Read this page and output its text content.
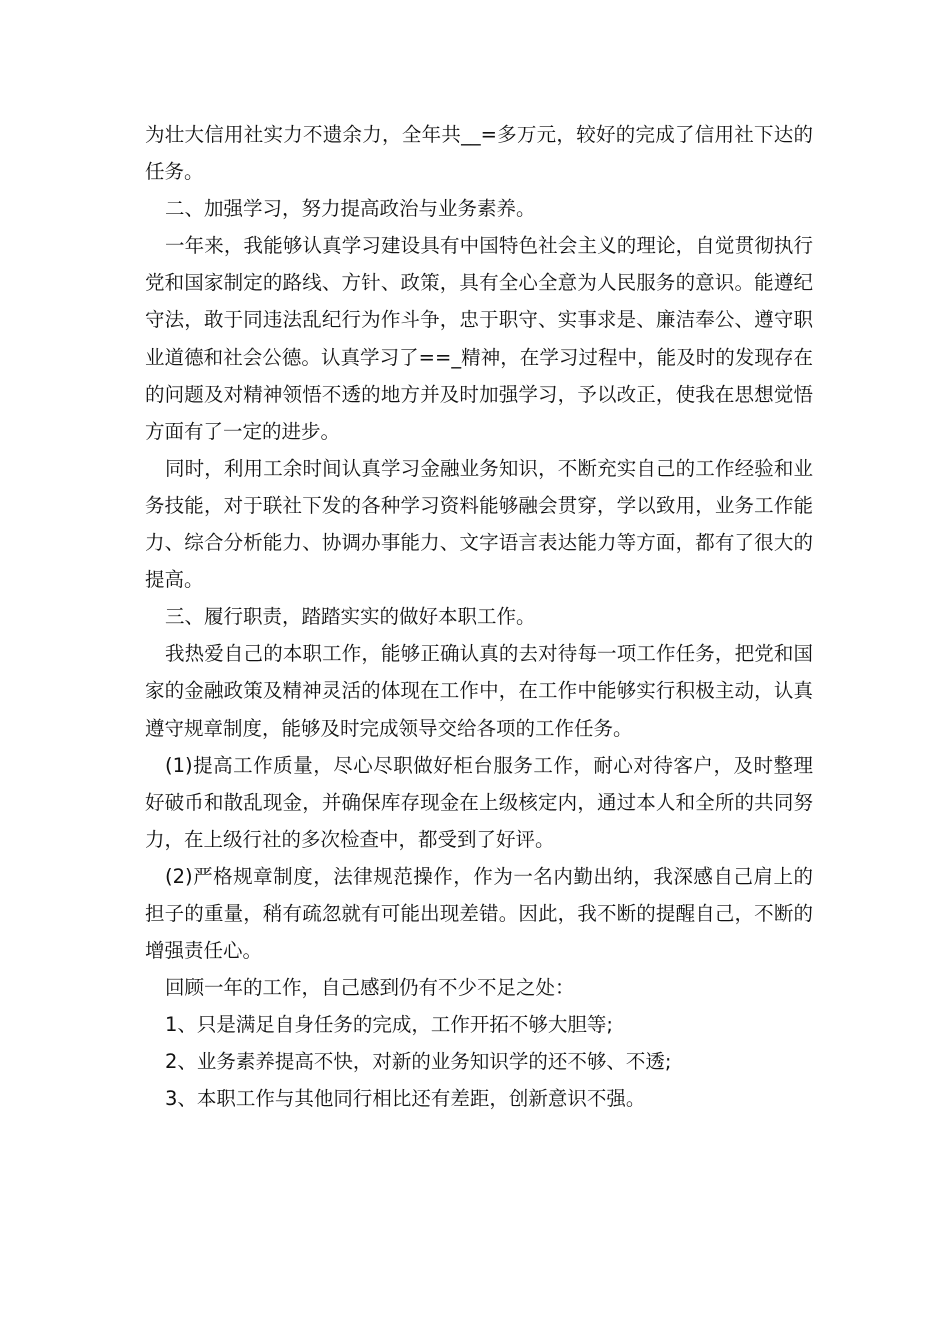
为壮大信用社实力不遗余力，全年共__=多万元，较好的完成了信用社下达的任务。

二、加强学习，努力提高政治与业务素养。

一年来，我能够认真学习建设具有中国特色社会主义的理论，自觉贯彻执行党和国家制定的路线、方针、政策，具有全心全意为人民服务的意识。能遵纪守法，敢于同违法乱纪行为作斗争，忠于职守、实事求是、廉洁奉公、遵守职业道德和社会公德。认真学习了==_精神，在学习过程中，能及时的发现存在的问题及对精神领悟不透的地方并及时加强学习，予以改正，使我在思想觉悟方面有了一定的进步。

同时，利用工余时间认真学习金融业务知识，不断充实自己的工作经验和业务技能，对于联社下发的各种学习资料能够融会贯穿，学以致用，业务工作能力、综合分析能力、协调办事能力、文字语言表达能力等方面，都有了很大的提高。

三、履行职责，踏踏实实的做好本职工作。

我热爱自己的本职工作，能够正确认真的去对待每一项工作任务，把党和国家的金融政策及精神灵活的体现在工作中，在工作中能够实行积极主动，认真遵守规章制度，能够及时完成领导交给各项的工作任务。

(1)提高工作质量，尽心尽职做好柜台服务工作，耐心对待客户，及时整理好破币和散乱现金，并确保库存现金在上级核定内，通过本人和全所的共同努力，在上级行社的多次检查中，都受到了好评。

(2)严格规章制度，法律规范操作，作为一名内勤出纳，我深感自己肩上的担子的重量，稍有疏忽就有可能出现差错。因此，我不断的提醒自己，不断的增强责任心。

回顾一年的工作，自己感到仍有不少不足之处：

1、只是满足自身任务的完成，工作开拓不够大胆等;

2、业务素养提高不快，对新的业务知识学的还不够、不透;

3、本职工作与其他同行相比还有差距，创新意识不强。
